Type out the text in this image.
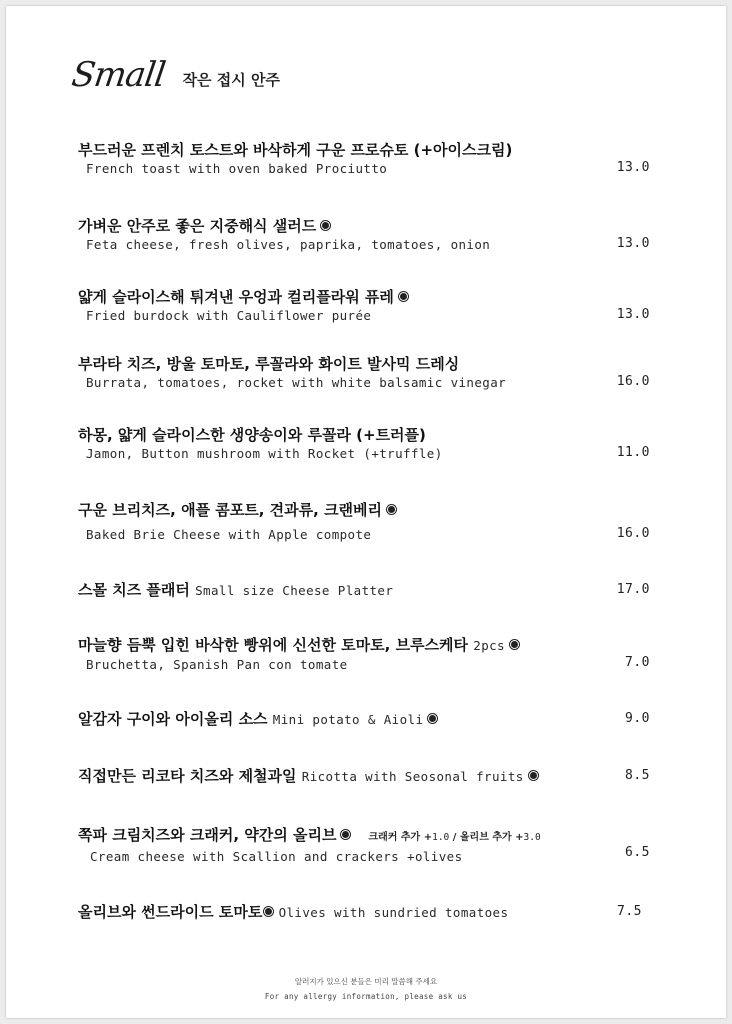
Small 작은 접시 안주
부드러운 프렌치 토스트와 바삭하게 구운 프로슈토 (+아이스크림)
French toast with oven baked Prociutto	13.0
가벼운 안주로 좋은 지중해식 샐러드
Feta cheese, fresh olives, paprika, tomatoes, onion	13.0
얇게 슬라이스해 튀겨낸 우엉과 컬리플라워 퓨레
Fried burdock with Cauliflower purée	13.0
부라타 치즈, 방울 토마토, 루꼴라와 화이트 발사믹 드레싱
Burrata, tomatoes, rocket with white balsamic vinegar	16.0
하몽, 얇게 슬라이스한 생양송이와 루꼴라 (+트러플)
Jamon, Button mushroom with Rocket (+truffle)	11.0
구운 브리치즈, 애플 콤포트, 견과류, 크랜베리
Baked Brie Cheese with Apple compote	16.0
스몰 치즈 플래터 Small size Cheese Platter	17.0
마늘향 듬뿍 입힌 바삭한 빵위에 신선한 토마토, 브루스케타 2pcs
Bruchetta, Spanish Pan con tomate	7.0
알감자 구이와 아이올리 소스 Mini potato & Aioli	9.0
직접만든 리코타 치즈와 제철과일 Ricotta with Seosonal fruits	8.5
쪽파 크림치즈와 크래커, 약간의 올리브	크래커 추가 +1.0 / 올리브 추가 +3.0
Cream cheese with Scallion and crackers +olives	6.5
올리브와 썬드라이드 토마토 Olives with sundried tomatoes	7.5
알러지가 있으신 분들은 미리 말씀해 주세요
For any allergy information, please ask us
